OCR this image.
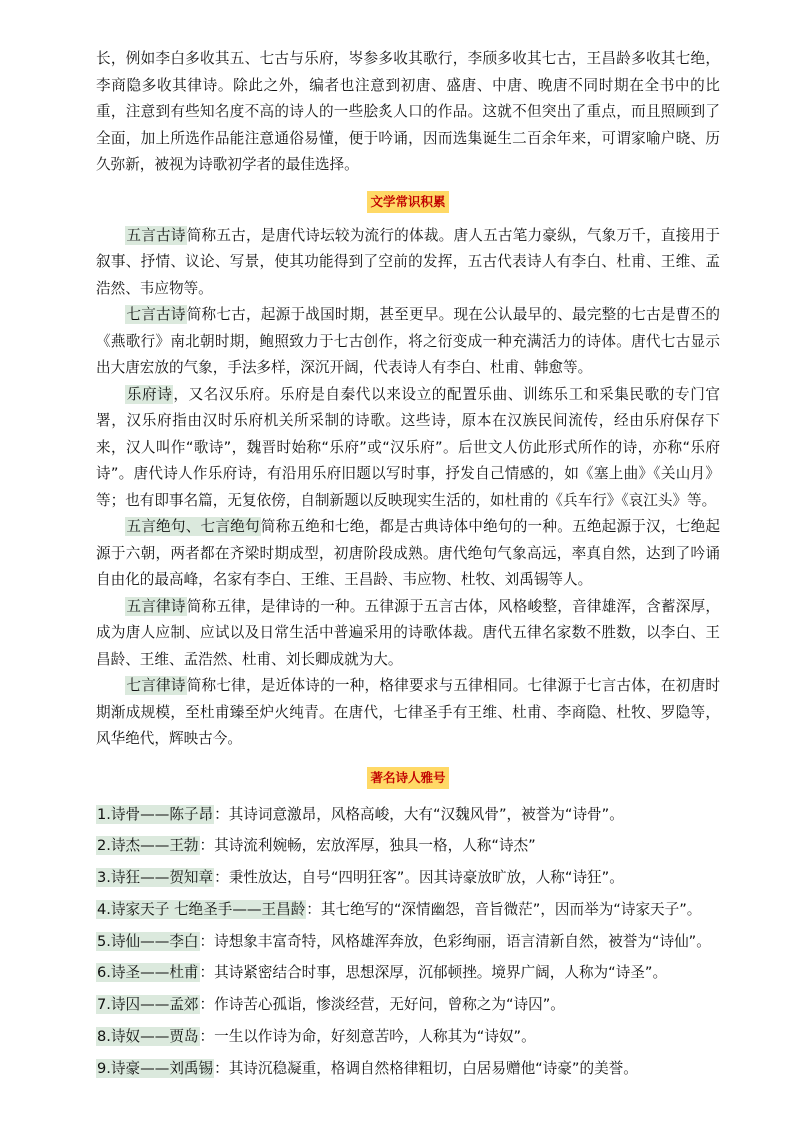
长，例如李白多收其五、七古与乐府，岑参多收其歌行，李颀多收其七古，王昌龄多收其七绝，李商隐多收其律诗。除此之外，编者也注意到初唐、盛唐、中唐、晚唐不同时期在全书中的比重，注意到有些知名度不高的诗人的一些脍炙人口的作品。这就不但突出了重点，而且照顾到了全面，加上所选作品能注意通俗易懂，便于吟诵，因而选集诞生二百余年来，可谓家喻户晓、历久弥新，被视为诗歌初学者的最佳选择。

文学常识积累

五言古诗简称五古，是唐代诗坛较为流行的体裁。唐人五古笔力豪纵，气象万千，直接用于叙事、抒情、议论、写景，使其功能得到了空前的发挥，五古代表诗人有李白、杜甫、王维、孟浩然、韦应物等。

七言古诗简称七古，起源于战国时期，甚至更早。现在公认最早的、最完整的七古是曹丕的《燕歌行》南北朝时期，鲍照致力于七古创作，将之衍变成一种充满活力的诗体。唐代七古显示出大唐宏放的气象，手法多样，深沉开阔，代表诗人有李白、杜甫、韩愈等。

乐府诗，又名汉乐府。乐府是自秦代以来设立的配置乐曲、训练乐工和采集民歌的专门官署，汉乐府指由汉时乐府机关所采制的诗歌。这些诗，原本在汉族民间流传，经由乐府保存下来，汉人叫作“歌诗”，魏晋时始称“乐府”或“汉乐府”。后世文人仿此形式所作的诗，亦称“乐府诗”。唐代诗人作乐府诗，有沿用乐府旧题以写时事，抒发自己情感的，如《塞上曲》《关山月》等；也有即事名篇，无复依傍，自制新题以反映现实生活的，如杜甫的《兵车行》《哀江头》等。

五言绝句、七言绝句简称五绝和七绝，都是古典诗体中绝句的一种。五绝起源于汉，七绝起源于六朝，两者都在齐梁时期成型，初唐阶段成熟。唐代绝句气象高远，率真自然，达到了吟诵自由化的最高峰，名家有李白、王维、王昌龄、韦应物、杜牧、刘禹锡等人。

五言律诗简称五律，是律诗的一种。五律源于五言古体，风格峻整，音律雄浑，含蓄深厚，成为唐人应制、应试以及日常生活中普遍采用的诗歌体裁。唐代五律名家数不胜数，以李白、王昌龄、王维、孟浩然、杜甫、刘长卿成就为大。

七言律诗简称七律，是近体诗的一种，格律要求与五律相同。七律源于七言古体，在初唐时期渐成规模，至杜甫臻至炉火纯青。在唐代，七律圣手有王维、杜甫、李商隐、杜牧、罗隐等，风华绝代，辉映古今。

著名诗人雅号

1.诗骨——陈子昂：其诗词意激昂，风格高峻，大有“汉魏风骨”，被誉为“诗骨”。

2.诗杰——王勃：其诗流利婉畅，宏放浑厚，独具一格，人称“诗杰”

3.诗狂——贺知章：秉性放达，自号“四明狂客”。因其诗豪放旷放，人称“诗狂”。

4.诗家天子 七绝圣手——王昌龄：其七绝写的“深情幽怨，音旨微茫”，因而举为“诗家天子”。

5.诗仙——李白：诗想象丰富奇特，风格雄浑奔放，色彩绚丽，语言清新自然，被誉为“诗仙”。

6.诗圣——杜甫：其诗紧密结合时事，思想深厚，沉郁顿挫。境界广阔，人称为“诗圣”。

7.诗囚——孟郊：作诗苦心孤诣，惨淡经营，无好问，曾称之为“诗囚”。

8.诗奴——贾岛：一生以作诗为命，好刻意苦吟，人称其为“诗奴”。

9.诗豪——刘禹锡：其诗沉稳凝重，格调自然格律粗切，白居易赠他“诗豪”的美誉。
